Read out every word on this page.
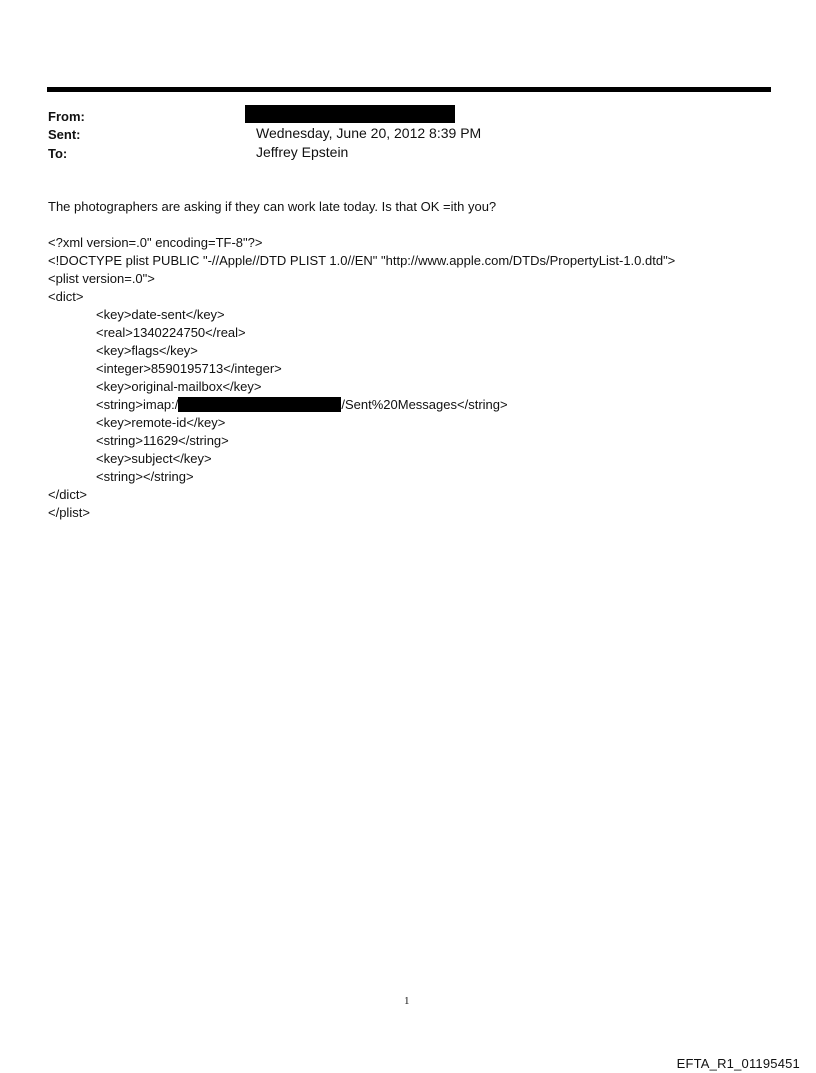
From:
Sent:	Wednesday, June 20, 2012 8:39 PM
To:	Jeffrey Epstein
The photographers are asking if they can work late today. Is that OK =ith you?
<?xml version=.0" encoding=TF-8"?>
<!DOCTYPE plist PUBLIC "-//Apple//DTD PLIST 1.0//EN" "http://www.apple.com/DTDs/PropertyList-1.0.dtd">
<plist version=.0">
<dict>
<key>date-sent</key>
<real>1340224750</real>
<key>flags</key>
<integer>8590195713</integer>
<key>original-mailbox</key>
<string>imap:/	/Sent%20Messages</string>
<key>remote-id</key>
<string>11629</string>
<key>subject</key>
<string></string>
</dict>
</plist>
1
EFTA_R1_01195451
